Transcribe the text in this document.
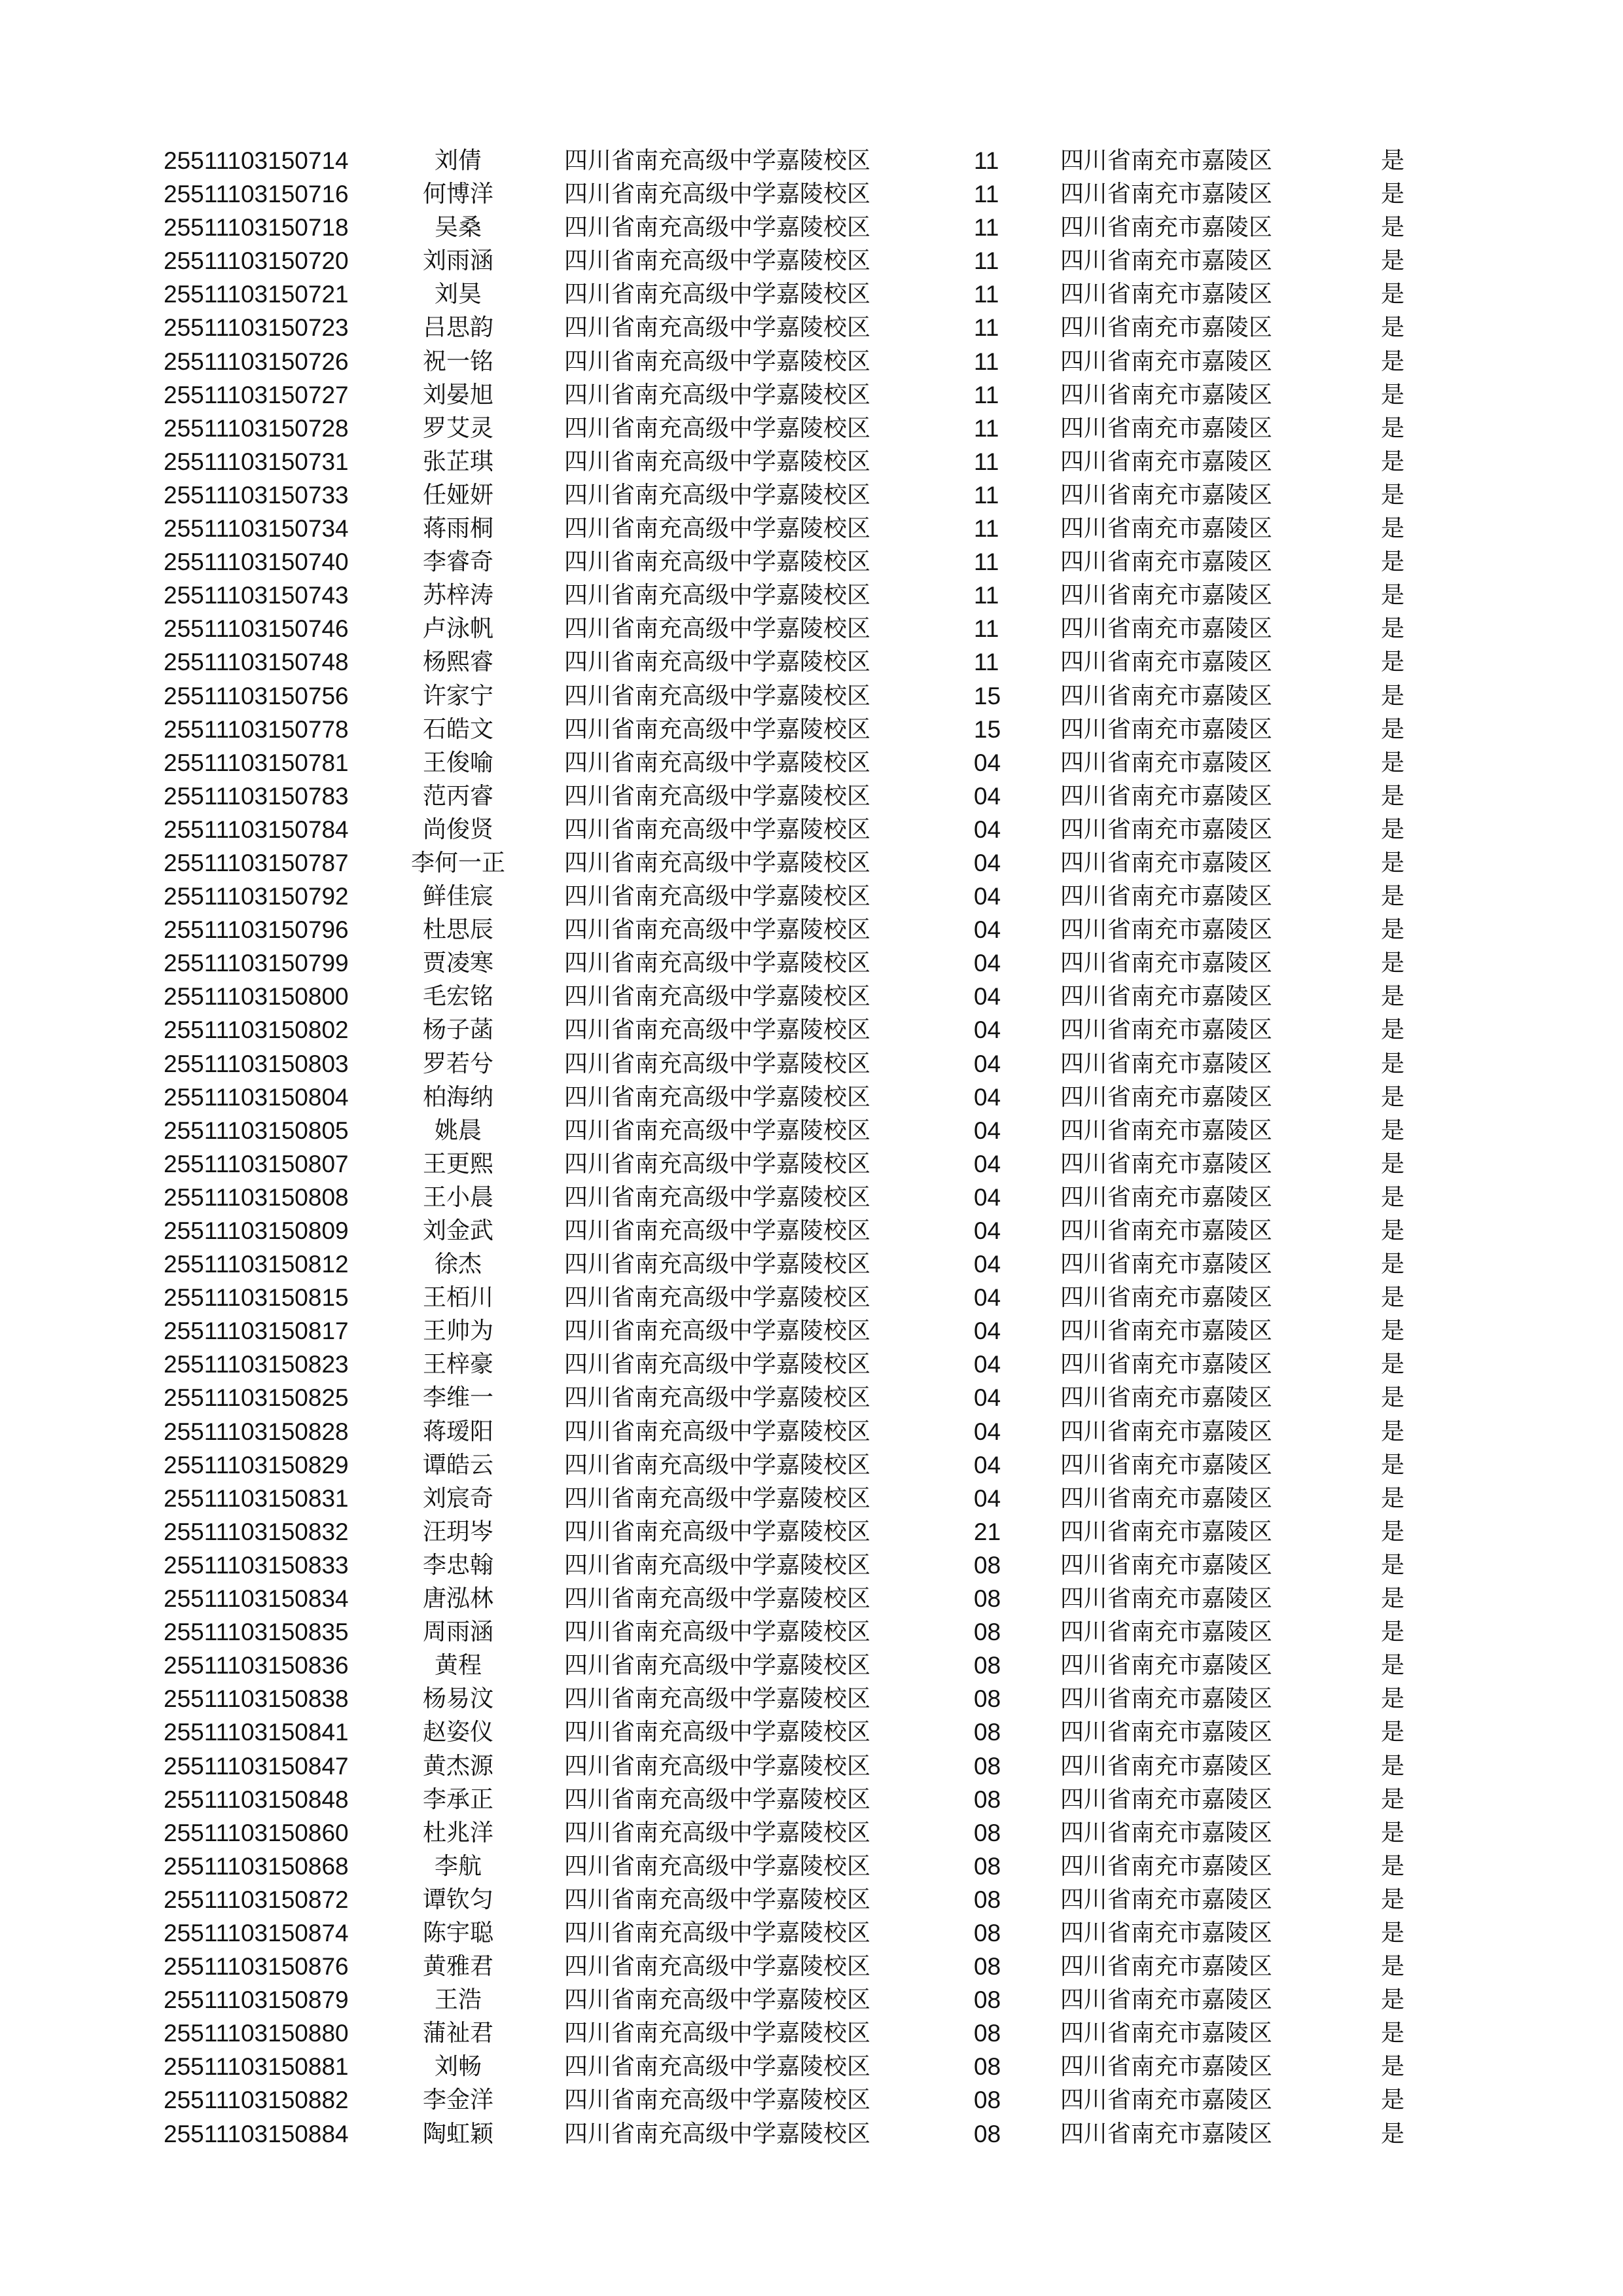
25511103150714	刘倩	四川省南充高级中学嘉陵校区	11	四川省南充市嘉陵区	是
25511103150716	何博洋	四川省南充高级中学嘉陵校区	11	四川省南充市嘉陵区	是
25511103150718	吴桑	四川省南充高级中学嘉陵校区	11	四川省南充市嘉陵区	是
25511103150720	刘雨涵	四川省南充高级中学嘉陵校区	11	四川省南充市嘉陵区	是
25511103150721	刘昊	四川省南充高级中学嘉陵校区	11	四川省南充市嘉陵区	是
25511103150723	吕思韵	四川省南充高级中学嘉陵校区	11	四川省南充市嘉陵区	是
25511103150726	祝一铭	四川省南充高级中学嘉陵校区	11	四川省南充市嘉陵区	是
25511103150727	刘晏旭	四川省南充高级中学嘉陵校区	11	四川省南充市嘉陵区	是
25511103150728	罗艾灵	四川省南充高级中学嘉陵校区	11	四川省南充市嘉陵区	是
25511103150731	张芷琪	四川省南充高级中学嘉陵校区	11	四川省南充市嘉陵区	是
25511103150733	任娅妍	四川省南充高级中学嘉陵校区	11	四川省南充市嘉陵区	是
25511103150734	蒋雨桐	四川省南充高级中学嘉陵校区	11	四川省南充市嘉陵区	是
25511103150740	李睿奇	四川省南充高级中学嘉陵校区	11	四川省南充市嘉陵区	是
25511103150743	苏梓涛	四川省南充高级中学嘉陵校区	11	四川省南充市嘉陵区	是
25511103150746	卢泳帆	四川省南充高级中学嘉陵校区	11	四川省南充市嘉陵区	是
25511103150748	杨熙睿	四川省南充高级中学嘉陵校区	11	四川省南充市嘉陵区	是
25511103150756	许家宁	四川省南充高级中学嘉陵校区	15	四川省南充市嘉陵区	是
25511103150778	石皓文	四川省南充高级中学嘉陵校区	15	四川省南充市嘉陵区	是
25511103150781	王俊喻	四川省南充高级中学嘉陵校区	04	四川省南充市嘉陵区	是
25511103150783	范丙睿	四川省南充高级中学嘉陵校区	04	四川省南充市嘉陵区	是
25511103150784	尚俊贤	四川省南充高级中学嘉陵校区	04	四川省南充市嘉陵区	是
25511103150787	李何一正	四川省南充高级中学嘉陵校区	04	四川省南充市嘉陵区	是
25511103150792	鲜佳宸	四川省南充高级中学嘉陵校区	04	四川省南充市嘉陵区	是
25511103150796	杜思辰	四川省南充高级中学嘉陵校区	04	四川省南充市嘉陵区	是
25511103150799	贾凌寒	四川省南充高级中学嘉陵校区	04	四川省南充市嘉陵区	是
25511103150800	毛宏铭	四川省南充高级中学嘉陵校区	04	四川省南充市嘉陵区	是
25511103150802	杨子菡	四川省南充高级中学嘉陵校区	04	四川省南充市嘉陵区	是
25511103150803	罗若兮	四川省南充高级中学嘉陵校区	04	四川省南充市嘉陵区	是
25511103150804	柏海纳	四川省南充高级中学嘉陵校区	04	四川省南充市嘉陵区	是
25511103150805	姚晨	四川省南充高级中学嘉陵校区	04	四川省南充市嘉陵区	是
25511103150807	王更熙	四川省南充高级中学嘉陵校区	04	四川省南充市嘉陵区	是
25511103150808	王小晨	四川省南充高级中学嘉陵校区	04	四川省南充市嘉陵区	是
25511103150809	刘金武	四川省南充高级中学嘉陵校区	04	四川省南充市嘉陵区	是
25511103150812	徐杰	四川省南充高级中学嘉陵校区	04	四川省南充市嘉陵区	是
25511103150815	王栢川	四川省南充高级中学嘉陵校区	04	四川省南充市嘉陵区	是
25511103150817	王帅为	四川省南充高级中学嘉陵校区	04	四川省南充市嘉陵区	是
25511103150823	王梓豪	四川省南充高级中学嘉陵校区	04	四川省南充市嘉陵区	是
25511103150825	李维一	四川省南充高级中学嘉陵校区	04	四川省南充市嘉陵区	是
25511103150828	蒋瑷阳	四川省南充高级中学嘉陵校区	04	四川省南充市嘉陵区	是
25511103150829	谭皓云	四川省南充高级中学嘉陵校区	04	四川省南充市嘉陵区	是
25511103150831	刘宸奇	四川省南充高级中学嘉陵校区	04	四川省南充市嘉陵区	是
25511103150832	汪玥岑	四川省南充高级中学嘉陵校区	21	四川省南充市嘉陵区	是
25511103150833	李忠翰	四川省南充高级中学嘉陵校区	08	四川省南充市嘉陵区	是
25511103150834	唐泓林	四川省南充高级中学嘉陵校区	08	四川省南充市嘉陵区	是
25511103150835	周雨涵	四川省南充高级中学嘉陵校区	08	四川省南充市嘉陵区	是
25511103150836	黄程	四川省南充高级中学嘉陵校区	08	四川省南充市嘉陵区	是
25511103150838	杨易汶	四川省南充高级中学嘉陵校区	08	四川省南充市嘉陵区	是
25511103150841	赵姿仪	四川省南充高级中学嘉陵校区	08	四川省南充市嘉陵区	是
25511103150847	黄杰源	四川省南充高级中学嘉陵校区	08	四川省南充市嘉陵区	是
25511103150848	李承正	四川省南充高级中学嘉陵校区	08	四川省南充市嘉陵区	是
25511103150860	杜兆洋	四川省南充高级中学嘉陵校区	08	四川省南充市嘉陵区	是
25511103150868	李航	四川省南充高级中学嘉陵校区	08	四川省南充市嘉陵区	是
25511103150872	谭钦匀	四川省南充高级中学嘉陵校区	08	四川省南充市嘉陵区	是
25511103150874	陈宇聪	四川省南充高级中学嘉陵校区	08	四川省南充市嘉陵区	是
25511103150876	黄雅君	四川省南充高级中学嘉陵校区	08	四川省南充市嘉陵区	是
25511103150879	王浩	四川省南充高级中学嘉陵校区	08	四川省南充市嘉陵区	是
25511103150880	蒲祉君	四川省南充高级中学嘉陵校区	08	四川省南充市嘉陵区	是
25511103150881	刘畅	四川省南充高级中学嘉陵校区	08	四川省南充市嘉陵区	是
25511103150882	李金洋	四川省南充高级中学嘉陵校区	08	四川省南充市嘉陵区	是
25511103150884	陶虹颖	四川省南充高级中学嘉陵校区	08	四川省南充市嘉陵区	是
